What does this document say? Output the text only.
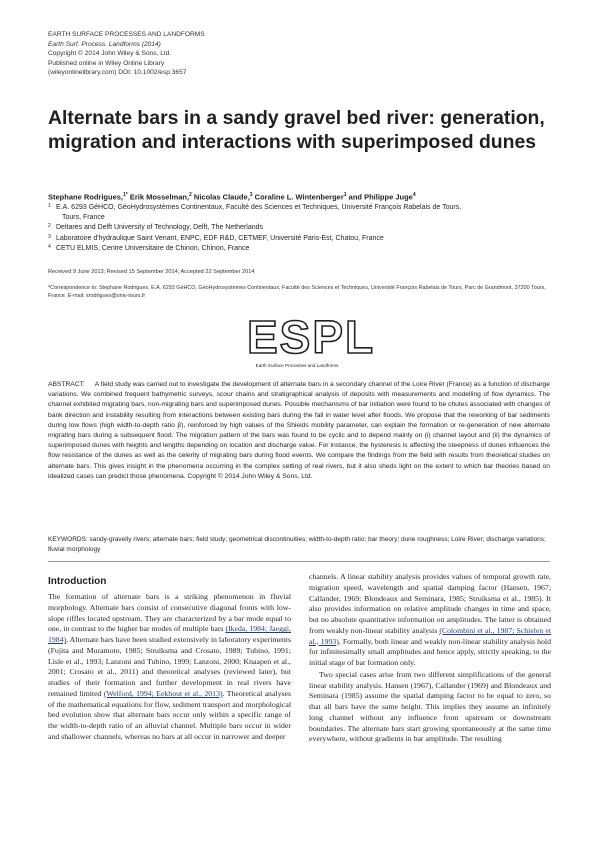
EARTH SURFACE PROCESSES AND LANDFORMS
Earth Surf. Process. Landforms (2014)
Copyright © 2014 John Wiley & Sons, Ltd.
Published online in Wiley Online Library
(wileyonlinelibrary.com) DOI: 10.1002/esp.3657
Alternate bars in a sandy gravel bed river: generation, migration and interactions with superimposed dunes
Stephane Rodrigues,$^{1*}$ Erik Mosselman,$^2$ Nicolas Claude,$^3$ Coraline L. Wintenberger$^1$ and Philippe Juge$^4$
1 E.A. 6293 GéHCO, GéoHydrosystèmes Continentaux, Faculté des Sciences et Techniques, Université François Rabelais de Tours,
Tours, France
2 Deltares and Delft University of Technology, Delft, The Netherlands
3 Laboratoire d'hydraulique Saint Venant, ENPC, EDF R&D, CETMEF, Université Paris-Est, Chatou, France
4 CETU ELMIS, Centre Universitaire de Chinon, Chinon, France
Received 9 June 2013; Revised 15 September 2014; Accepted 22 September 2014
*Correspondence to: Stephane Rodrigues, E.A. 6293 GéHCO, GéoHydrosystèmes Continentaux, Faculté des Sciences et Techniques, Université François Rabelais de Tours, Parc de Grandmont, 37200 Tours, France. E-mail: srodrigues@univ-tours.fr
ESPL
Earth Surface Processes and Landforms
ABSTRACT: A field study was carried out to investigate the development of alternate bars in a secondary channel of the Loire River (France) as a function of discharge variations. We combined frequent bathymetric surveys, scour chains and stratigraphical analysis of deposits with measurements and modelling of flow dynamics. The channel exhibited migrating bars, non-migrating bars and superimposed dunes. Possible mechanisms of bar initiation were found to be chutes associated with changes of bank direction and instability resulting from interactions between existing bars during the fall in water level after floods. We propose that the reworking of bar sediments during low flows (high width-to-depth ratio β), reinforced by high values of the Shields mobility parameter, can explain the formation or re-generation of new alternate migrating bars during a subsequent flood. The migration pattern of the bars was found to be cyclic and to depend mainly on (i) channel layout and (ii) the dynamics of superimposed dunes with heights and lengths depending on location and discharge value. For instance, the hysteresis is affecting the steepness of dunes influences the flow resistance of the dunes as well as the celerity of migrating bars during flood events. We compare the findings from the field with results from theoretical studies on alternate bars. This gives insight in the phenomena occurring in the complex setting of real rivers, but it also sheds light on the extent to which bar theories based on idealized cases can predict those phenomena. Copyright © 2014 John Wiley & Sons, Ltd.
KEYWORDS: sandy-gravelly rivers; alternate bars; field study; geometrical discontinuities; width-to-depth ratio; bar theory; dune roughness; Loire River; discharge variations; fluvial morphology
Introduction

The formation of alternate bars is a striking phenomenon in fluvial morphology. Alternate bars consist of consecutive diagonal fronts with low-slope riffles located upstream. They are characterized by a bar mode equal to one, in contrast to the higher bar modes of multiple bars (Ikeda, 1984; Jaeggi, 1984). Alternate bars have been studied extensively in laboratory experiments (Fujita and Muramoto, 1985; Struiksma and Crosato, 1989; Tubino, 1991; Lisle et al., 1993; Lanzoni and Tubino, 1999; Lanzoni, 2000; Knaapen et al., 2001; Crosato et al., 2011) and theoretical analyses (reviewed later), but studies of their formation and further development in real rivers have remained limited (Welford, 1994; Eekhout et al., 2013). Theoretical analyses of the mathematical equations for flow, sediment transport and morphological bed evolution show that alternate bars occur only within a specific range of the width-to-depth ratio of an alluvial channel. Multiple bars occur in wider and shallower channels, whereas no bars at all occur in narrower and deeper

channels. A linear stability analysis provides values of temporal growth rate, migration speed, wavelength and spatial damping factor (Hansen, 1967; Callander, 1969; Blondeaux and Seminara, 1985; Struiksma et al., 1985). It also provides information on relative amplitude changes in time and space, but no absolute quantitative information on amplitudes. The latter is obtained from weakly non-linear stability analysis (Colombini et al., 1987; Schielen et al., 1993). Formally, both linear and weakly non-linear stability analysis hold for infinitesimally small amplitudes and hence apply, strictly speaking, to the initial stage of bar formation only.

Two special cases arise from two different simplifications of the general linear stability analysis. Hansen (1967), Callander (1969) and Blondeaux and Seminara (1985) assume the spatial damping factor to be equal to zero, so that all bars have the same height. This implies they assume an infinitely long channel without any influence from upstream or downstream boundaries. The alternate bars start growing spontaneously at the same time everywhere, without gradients in bar amplitude. The resulting
